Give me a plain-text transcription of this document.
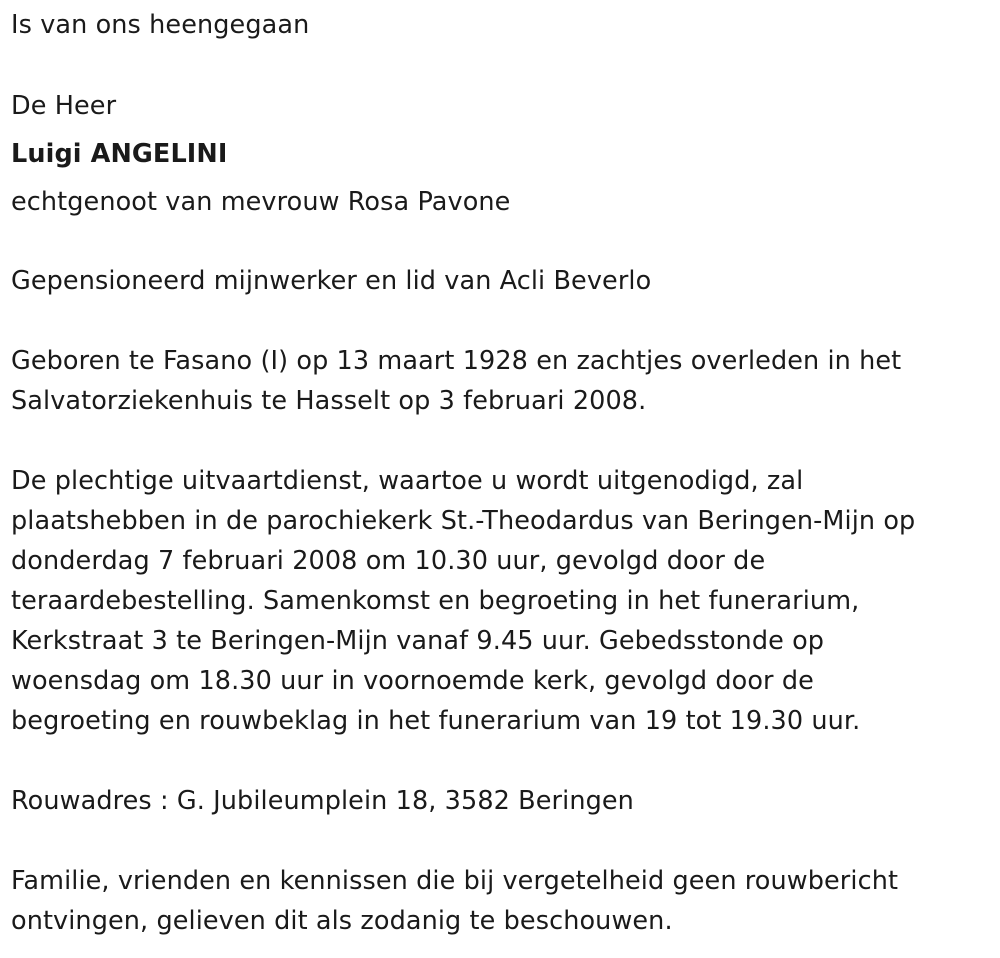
Is van ons heengegaan
De Heer
Luigi ANGELINI
echtgenoot van mevrouw Rosa Pavone
Gepensioneerd mijnwerker en lid van Acli Beverlo
Geboren te Fasano (I) op 13 maart 1928 en zachtjes overleden in het
Salvatorziekenhuis te Hasselt op 3 februari 2008.
De plechtige uitvaartdienst, waartoe u wordt uitgenodigd, zal
plaatshebben in de parochiekerk St.-Theodardus van Beringen-Mijn op
donderdag 7 februari 2008 om 10.30 uur, gevolgd door de
teraardebestelling. Samenkomst en begroeting in het funerarium,
Kerkstraat 3 te Beringen-Mijn vanaf 9.45 uur. Gebedsstonde op
woensdag om 18.30 uur in voornoemde kerk, gevolgd door de
begroeting en rouwbeklag in het funerarium van 19 tot 19.30 uur.
Rouwadres : G. Jubileumplein 18, 3582 Beringen
Familie, vrienden en kennissen die bij vergetelheid geen rouwbericht
ontvingen, gelieven dit als zodanig te beschouwen.
